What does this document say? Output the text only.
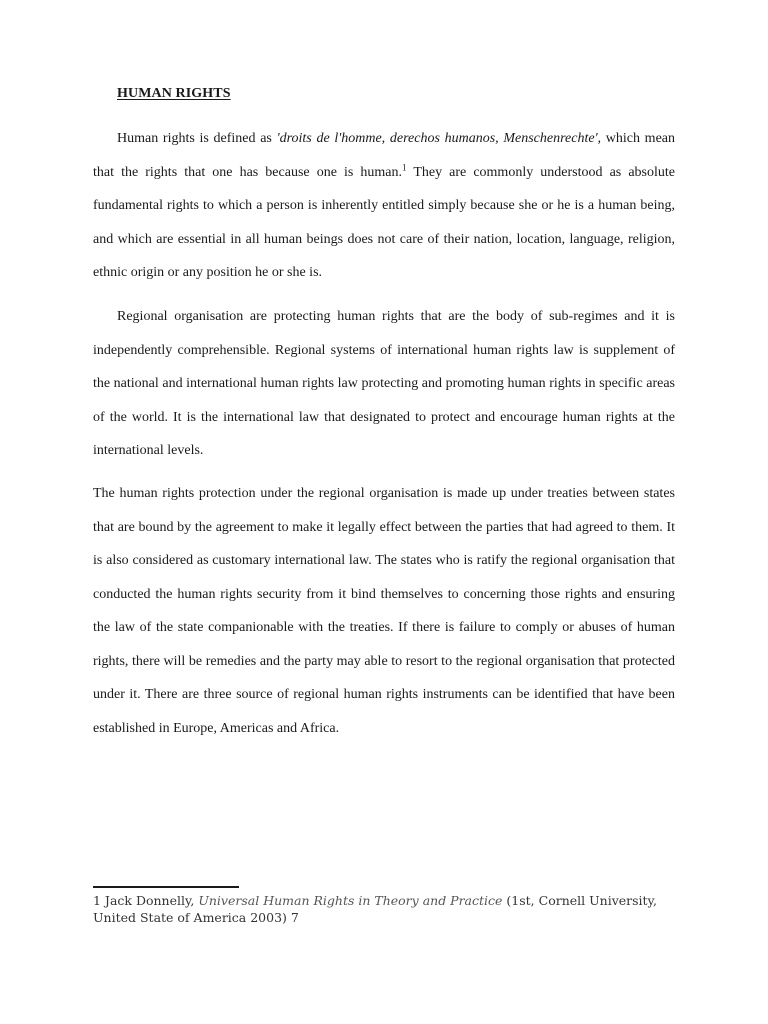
HUMAN RIGHTS

Human rights is defined as 'droits de l'homme, derechos humanos, Menschenrechte', which mean that the rights that one has because one is human.$^1$ They are commonly understood as absolute fundamental rights to which a person is inherently entitled simply because she or he is a human being, and which are essential in all human beings does not care of their nation, location, language, religion, ethnic origin or any position he or she is.

Regional organisation are protecting human rights that are the body of sub-regimes and it is independently comprehensible. Regional systems of international human rights law is supplement of the national and international human rights law protecting and promoting human rights in specific areas of the world. It is the international law that designated to protect and encourage human rights at the international levels.

The human rights protection under the regional organisation is made up under treaties between states that are bound by the agreement to make it legally effect between the parties that had agreed to them. It is also considered as customary international law. The states who is ratify the regional organisation that conducted the human rights security from it bind themselves to concerning those rights and ensuring the law of the state companionable with the treaties. If there is failure to comply or abuses of human rights, there will be remedies and the party may able to resort to the regional organisation that protected under it. There are three source of regional human rights instruments can be identified that have been established in Europe, Americas and Africa.

1 Jack Donnelly, Universal Human Rights in Theory and Practice (1st, Cornell University, United State of America 2003) 7
